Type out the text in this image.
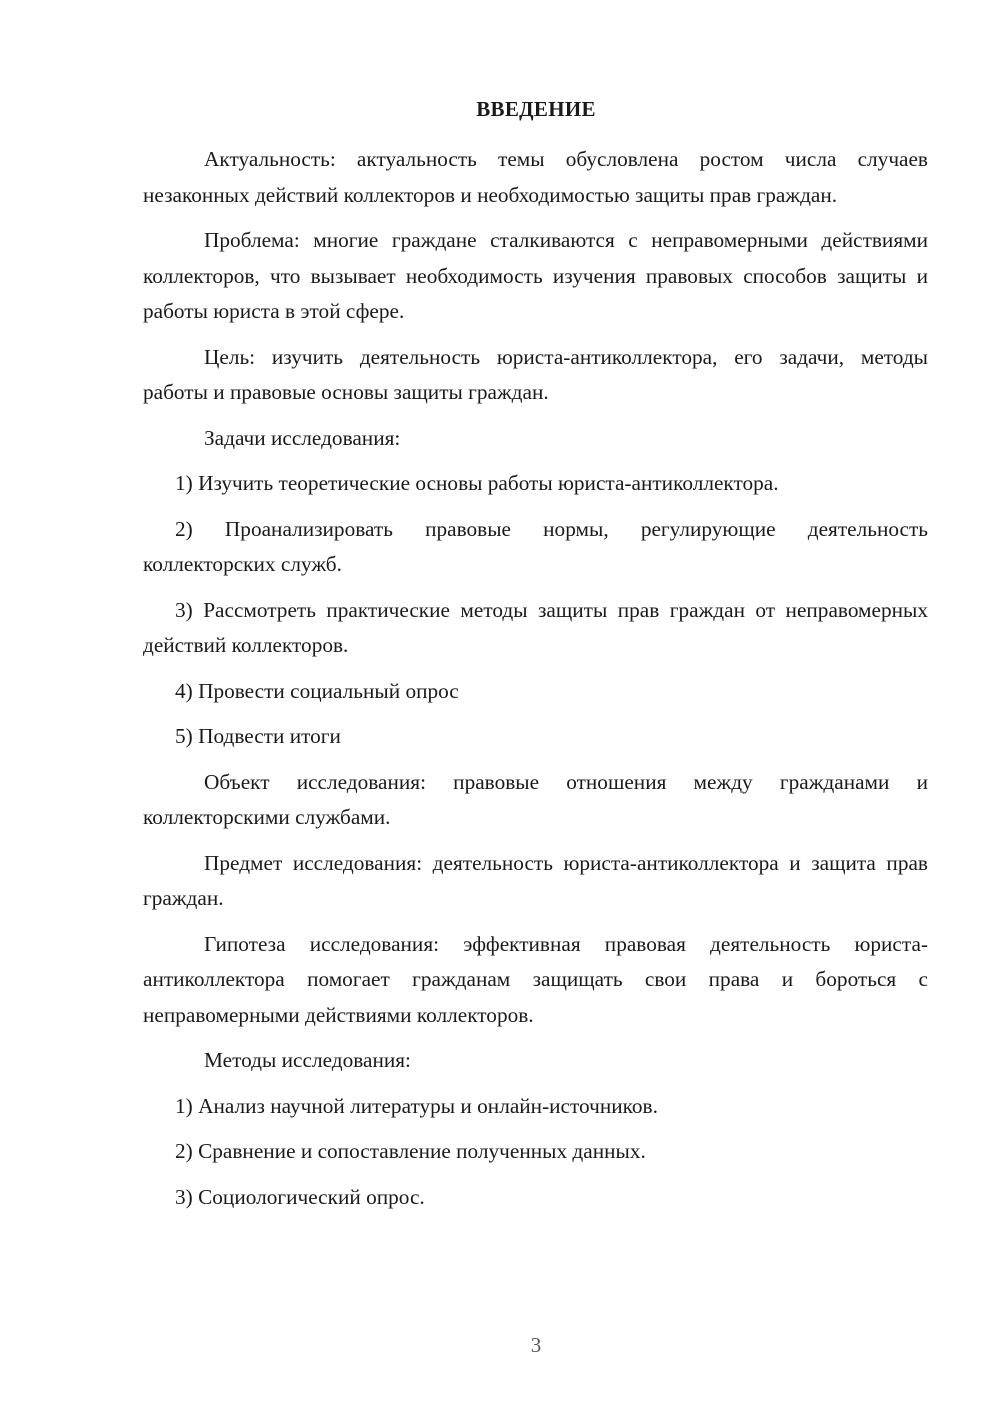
ВВЕДЕНИЕ

Актуальность: актуальность темы обусловлена ростом числа случаев незаконных действий коллекторов и необходимостью защиты прав граждан.

Проблема: многие граждане сталкиваются с неправомерными действиями коллекторов, что вызывает необходимость изучения правовых способов защиты и работы юриста в этой сфере.

Цель: изучить деятельность юриста-антиколлектора, его задачи, методы работы и правовые основы защиты граждан.

Задачи исследования:

1) Изучить теоретические основы работы юриста-антиколлектора.

2) Проанализировать правовые нормы, регулирующие деятельность коллекторских служб.

3) Рассмотреть практические методы защиты прав граждан от неправомерных действий коллекторов.

4) Провести социальный опрос

5) Подвести итоги

Объект исследования: правовые отношения между гражданами и коллекторскими службами.

Предмет исследования: деятельность юриста-антиколлектора и защита прав граждан.

Гипотеза исследования: эффективная правовая деятельность юриста-антиколлектора помогает гражданам защищать свои права и бороться с неправомерными действиями коллекторов.

Методы исследования:

1) Анализ научной литературы и онлайн-источников.

2) Сравнение и сопоставление полученных данных.

3) Социологический опрос.

3
